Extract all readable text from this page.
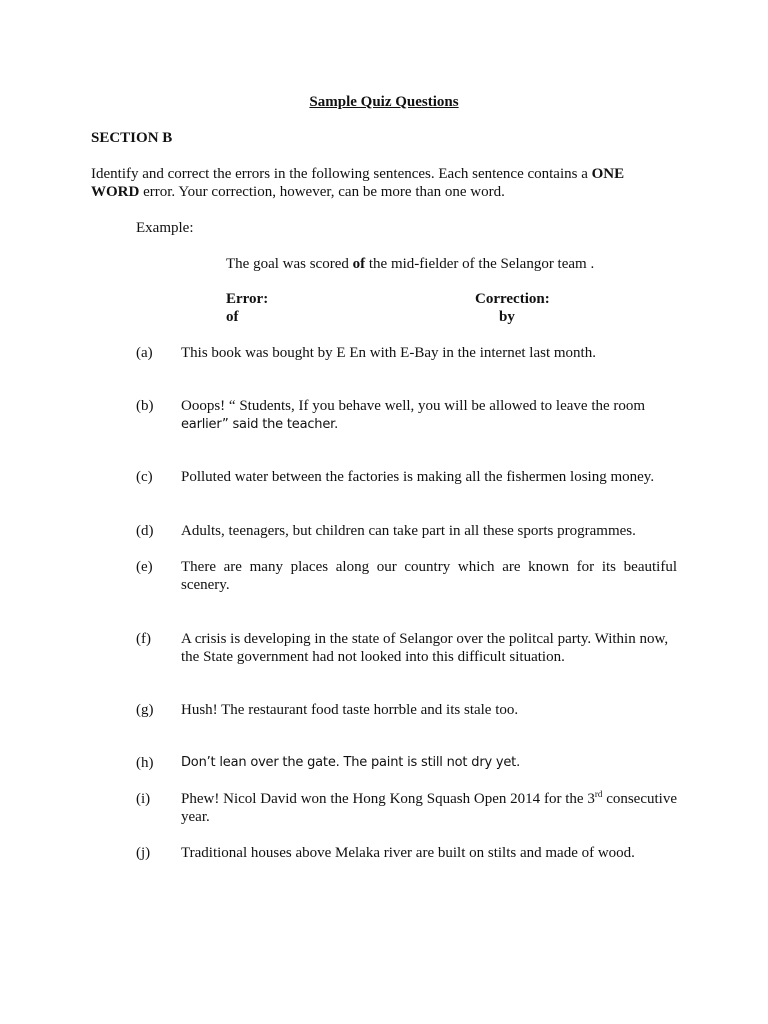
Sample Quiz Questions
SECTION B
Identify and correct the errors in the following sentences. Each sentence contains a ONE WORD error. Your correction, however, can be more than one word.
Example:
The goal was scored of the mid-fielder of the Selangor team .
Error:	Correction:
of	by
(a)	This book was bought by E En with E-Bay in the internet last month.
(b)	Ooops! “ Students, If you behave well, you will be allowed to leave the room
earlier” said the teacher.
(c)	Polluted water between the factories is making all the fishermen losing money.
(d)	Adults, teenagers, but children can take part in all these sports programmes.
(e)	There are many places along our country which are known for its beautiful scenery.
(f)	A crisis is developing in the state of Selangor over the politcal party. Within now, the State government had not looked into this difficult situation.
(g)	Hush! The restaurant food taste horrble and its stale too.
(h)	Don’t lean over the gate. The paint is still not dry yet.
(i)	Phew! Nicol David won the Hong Kong Squash Open 2014 for the 3rd consecutive year.
(j)	Traditional houses above Melaka river are built on stilts and made of wood.
